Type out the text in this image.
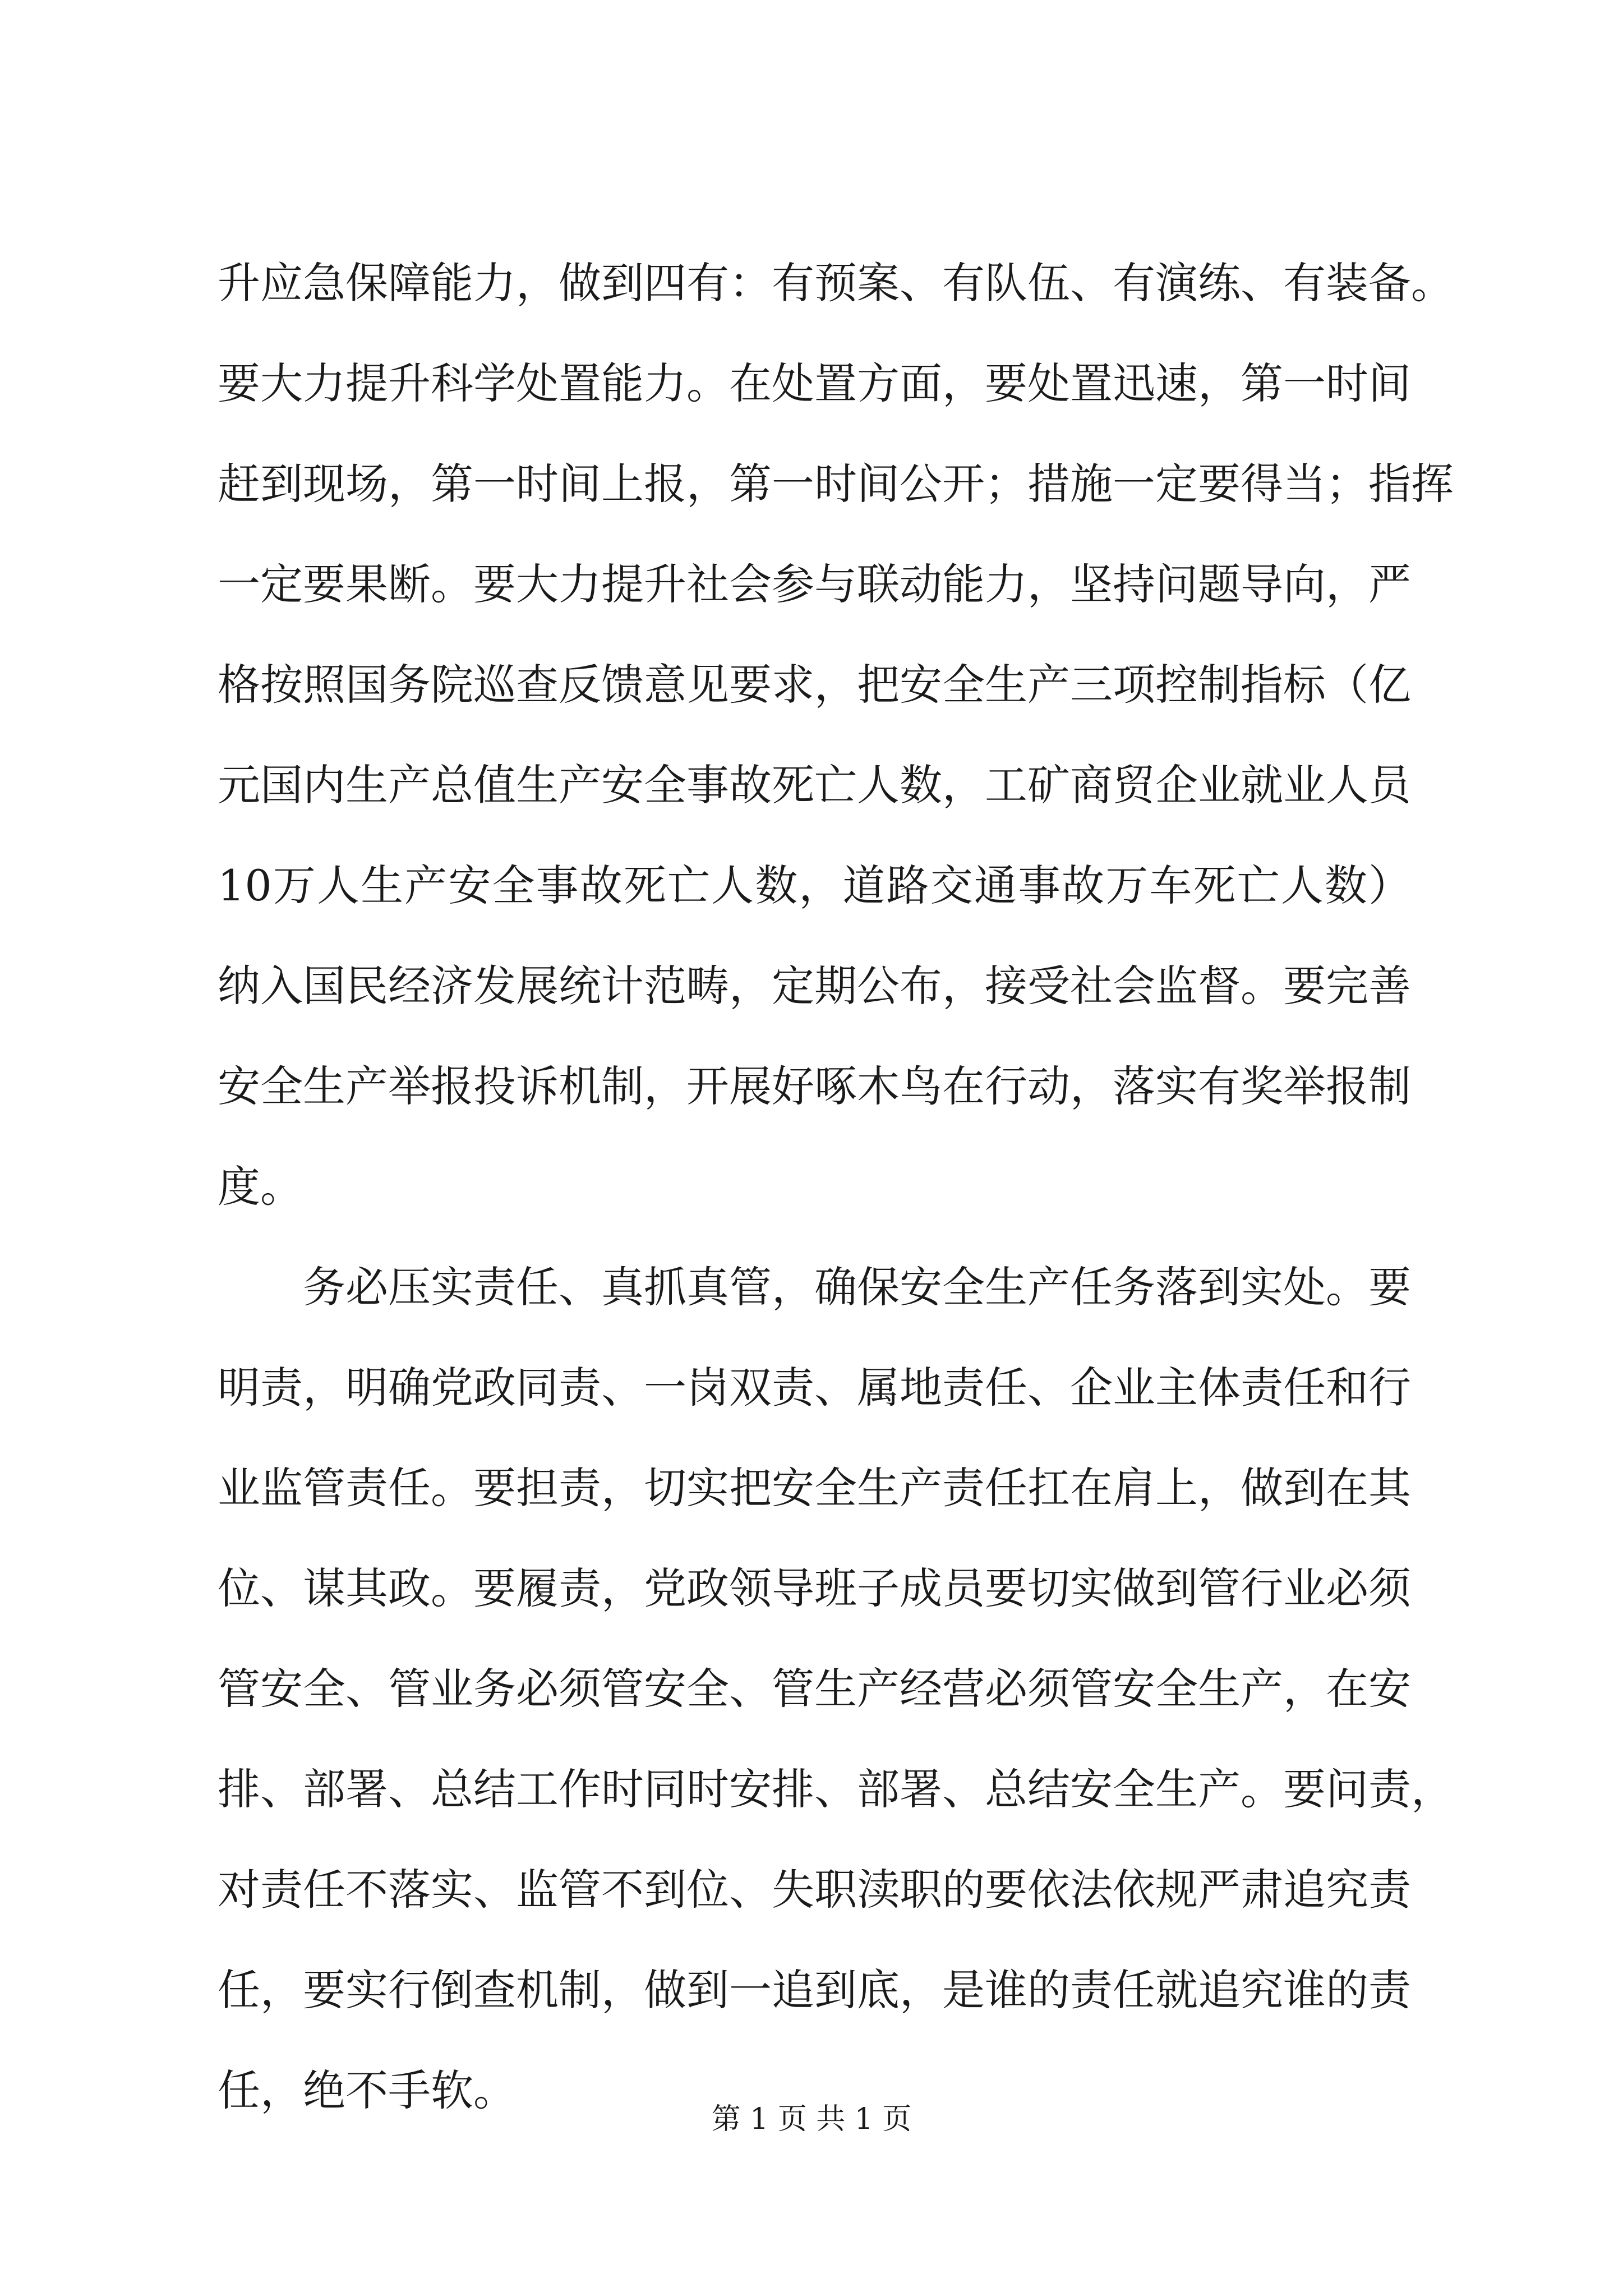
升应急保障能力，做到四有：有预案、有队伍、有演练、有装备。
要大力提升科学处置能力。在处置方面，要处置迅速，第一时间
赶到现场，第一时间上报，第一时间公开；措施一定要得当；指挥
一定要果断。要大力提升社会参与联动能力，坚持问题导向，严
格按照国务院巡查反馈意见要求，把安全生产三项控制指标（亿
元国内生产总值生产安全事故死亡人数，工矿商贸企业就业人员
10万人生产安全事故死亡人数，道路交通事故万车死亡人数）
纳入国民经济发展统计范畴，定期公布，接受社会监督。要完善
安全生产举报投诉机制，开展好啄木鸟在行动，落实有奖举报制
度。
务必压实责任、真抓真管，确保安全生产任务落到实处。要
明责，明确党政同责、一岗双责、属地责任、企业主体责任和行
业监管责任。要担责，切实把安全生产责任扛在肩上，做到在其
位、谋其政。要履责，党政领导班子成员要切实做到管行业必须
管安全、管业务必须管安全、管生产经营必须管安全生产，在安
排、部署、总结工作时同时安排、部署、总结安全生产。要问责，
对责任不落实、监管不到位、失职渎职的要依法依规严肃追究责
任，要实行倒查机制，做到一追到底，是谁的责任就追究谁的责
任，绝不手软。
第 1 页 共 1 页
